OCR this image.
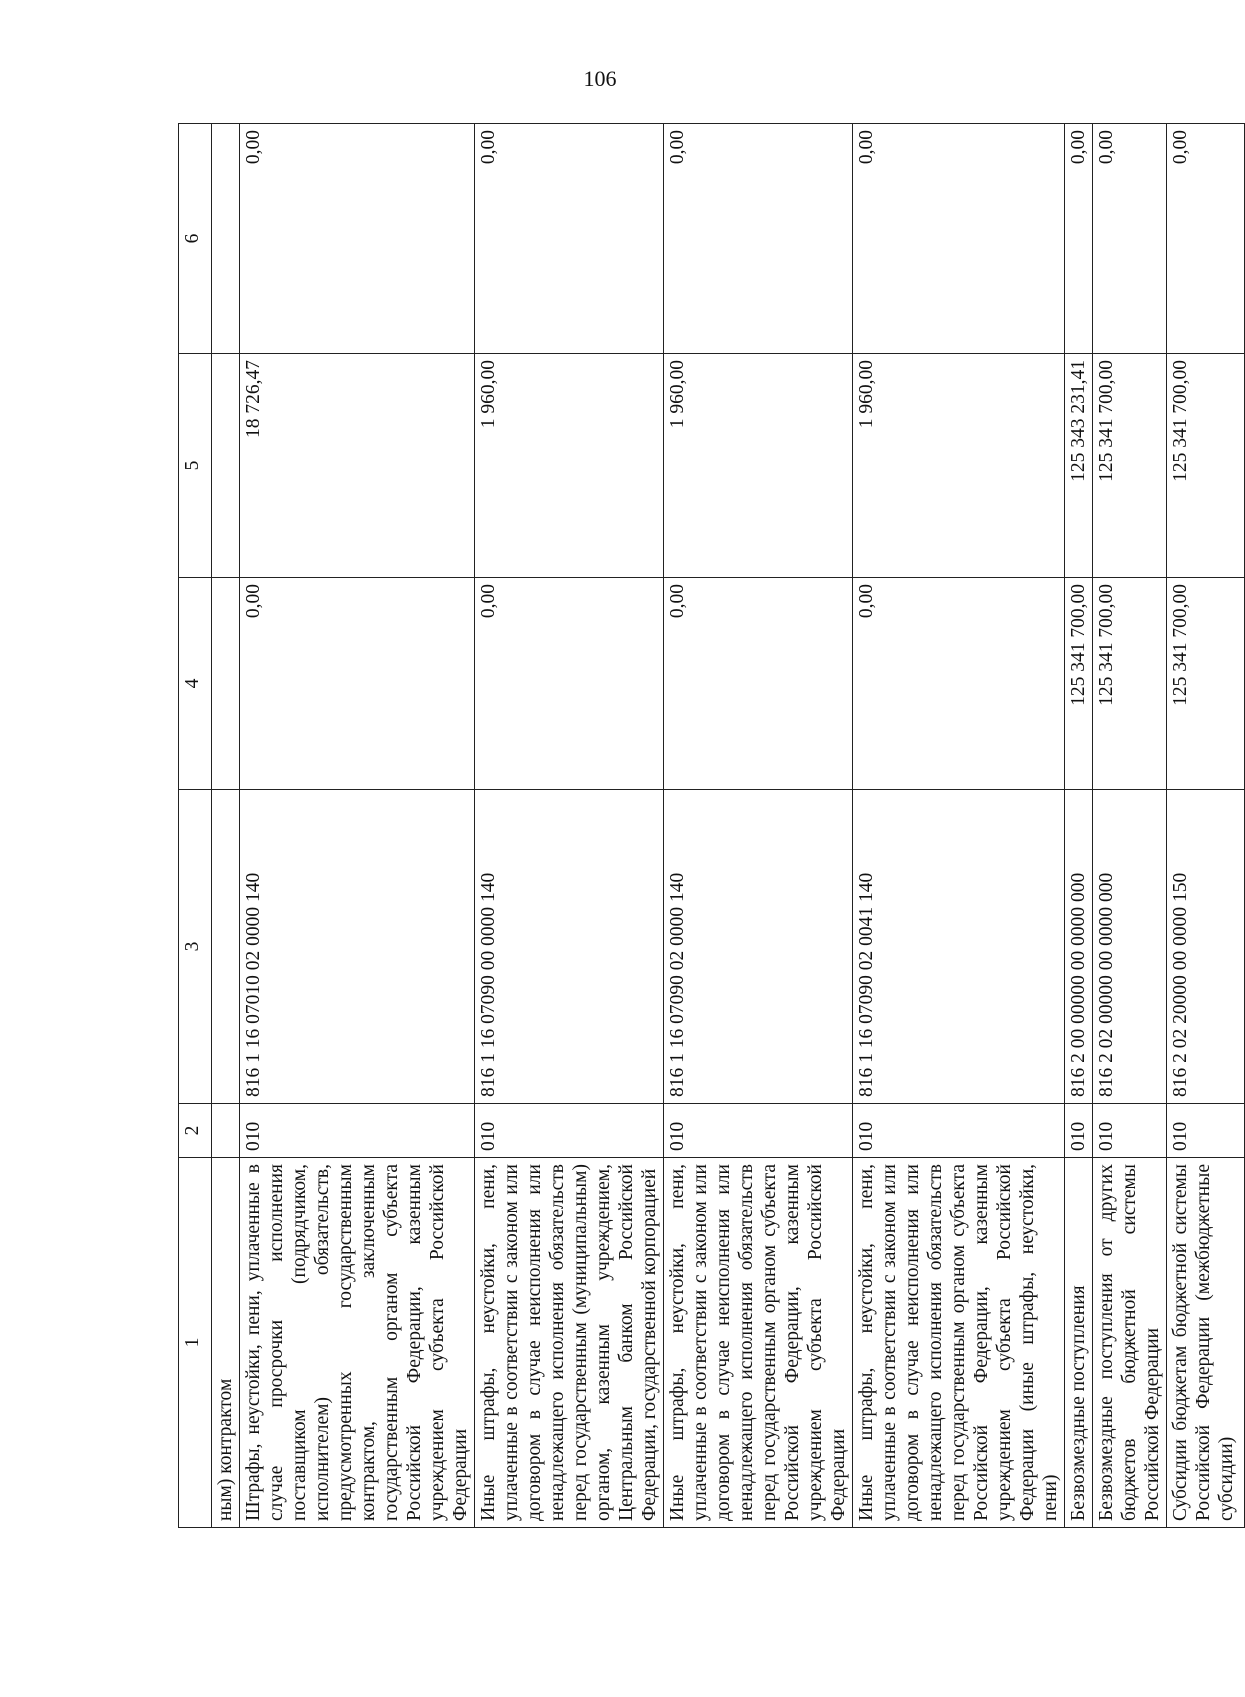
106
1	2	3	4	5	6
ным) контрактом					
Штрафы, неустойки, пени, уплаченные в случае просрочки исполнения поставщиком (подрядчиком, исполнителем) обязательств, предусмотренных государственным контрактом, заключенным государственным органом субъекта Российской Федерации, казенным учреждением субъекта Российской Федерации	010	816 1 16 07010 02 0000 140	0,00	18 726,47	0,00
Иные штрафы, неустойки, пени, уплаченные в соответствии с законом или договором в случае неисполнения или ненадлежащего исполнения обязательств перед государственным (муниципальным) органом, казенным учреждением, Центральным банком Российской Федерации, государственной корпорацией	010	816 1 16 07090 00 0000 140	0,00	1 960,00	0,00
Иные штрафы, неустойки, пени, уплаченные в соответствии с законом или договором в случае неисполнения или ненадлежащего исполнения обязательств перед государственным органом субъекта Российской Федерации, казенным учреждением субъекта Российской Федерации	010	816 1 16 07090 02 0000 140	0,00	1 960,00	0,00
Иные штрафы, неустойки, пени, уплаченные в соответствии с законом или договором в случае неисполнения или ненадлежащего исполнения обязательств перед государственным органом субъекта Российской Федерации, казенным учреждением субъекта Российской Федерации (иные штрафы, неустойки, пени)	010	816 1 16 07090 02 0041 140	0,00	1 960,00	0,00
Безвозмездные поступления	010	816 2 00 00000 00 0000 000	125 341 700,00	125 343 231,41	0,00
Безвозмездные поступления от других бюджетов бюджетной системы Российской Федерации	010	816 2 02 00000 00 0000 000	125 341 700,00	125 341 700,00	0,00
Субсидии бюджетам бюджетной системы Российской Федерации (межбюджетные субсидии)	010	816 2 02 20000 00 0000 150	125 341 700,00	125 341 700,00	0,00
